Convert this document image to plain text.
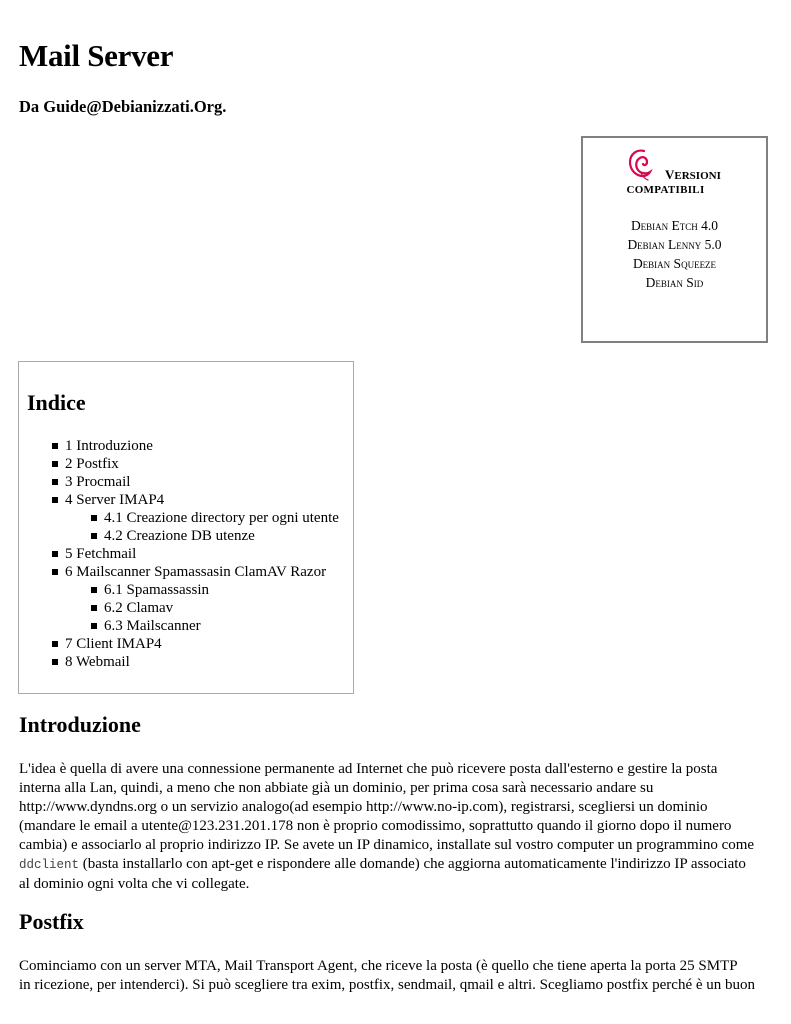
Mail Server
Da Guide@Debianizzati.Org.
VERSIONI
COMPATIBILI
Debian Etch 4.0
Debian Lenny 5.0
Debian Squeeze
Debian Sid
Indice
1 Introduzione
2 Postfix
3 Procmail
4 Server IMAP4
4.1 Creazione directory per ogni utente
4.2 Creazione DB utenze
5 Fetchmail
6 Mailscanner Spamassasin ClamAV Razor
6.1 Spamassassin
6.2 Clamav
6.3 Mailscanner
7 Client IMAP4
8 Webmail
Introduzione
L'idea è quella di avere una connessione permanente ad Internet che può ricevere posta dall'esterno e gestire la posta
interna alla Lan, quindi, a meno che non abbiate già un dominio, per prima cosa sarà necessario andare su
http://www.dyndns.org o un servizio analogo(ad esempio http://www.no-ip.com), registrarsi, scegliersi un dominio
(mandare le email a utente@123.231.201.178 non è proprio comodissimo, soprattutto quando il giorno dopo il numero
cambia) e associarlo al proprio indirizzo IP. Se avete un IP dinamico, installate sul vostro computer un programmino come
ddclient (basta installarlo con apt-get e rispondere alle domande) che aggiorna automaticamente l'indirizzo IP associato
al dominio ogni volta che vi collegate.
Postfix
Cominciamo con un server MTA, Mail Transport Agent, che riceve la posta (è quello che tiene aperta la porta 25 SMTP
in ricezione, per intenderci). Si può scegliere tra exim, postfix, sendmail, qmail e altri. Scegliamo postfix perché è un buon
